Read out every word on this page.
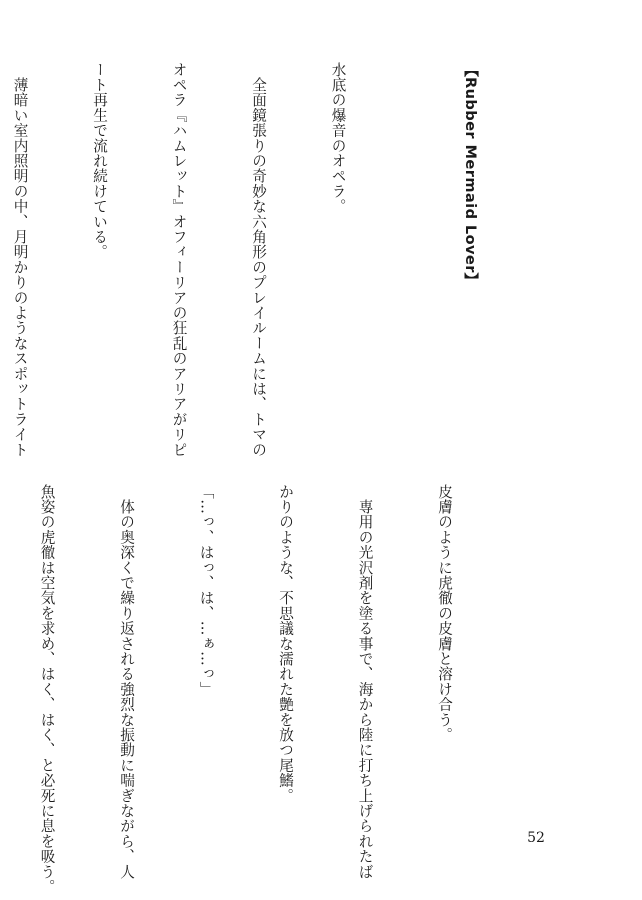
【Rubber Mermaid Lover】

水底の爆音のオペラ。

　全面鏡張りの奇妙な六角形のプレイルームには、トマの

オペラ『ハムレット』オフィーリアの狂乱のアリアがリピ

ート再生で流れ続けている。

　薄暗い室内照明の中、月明かりのようなスポットライト

皮膚のように虎徹の皮膚と溶け合う。

　専用の光沢剤を塗る事で、海から陸に打ち上げられたば

かりのような、不思議な濡れた艶を放つ尾鰭。

「…っ、はっ、は、…ぁ…っ」

　体の奥深くで繰り返される強烈な振動に喘ぎながら、人

魚姿の虎徹は空気を求め、はく、はく、と必死に息を吸う。

	52
